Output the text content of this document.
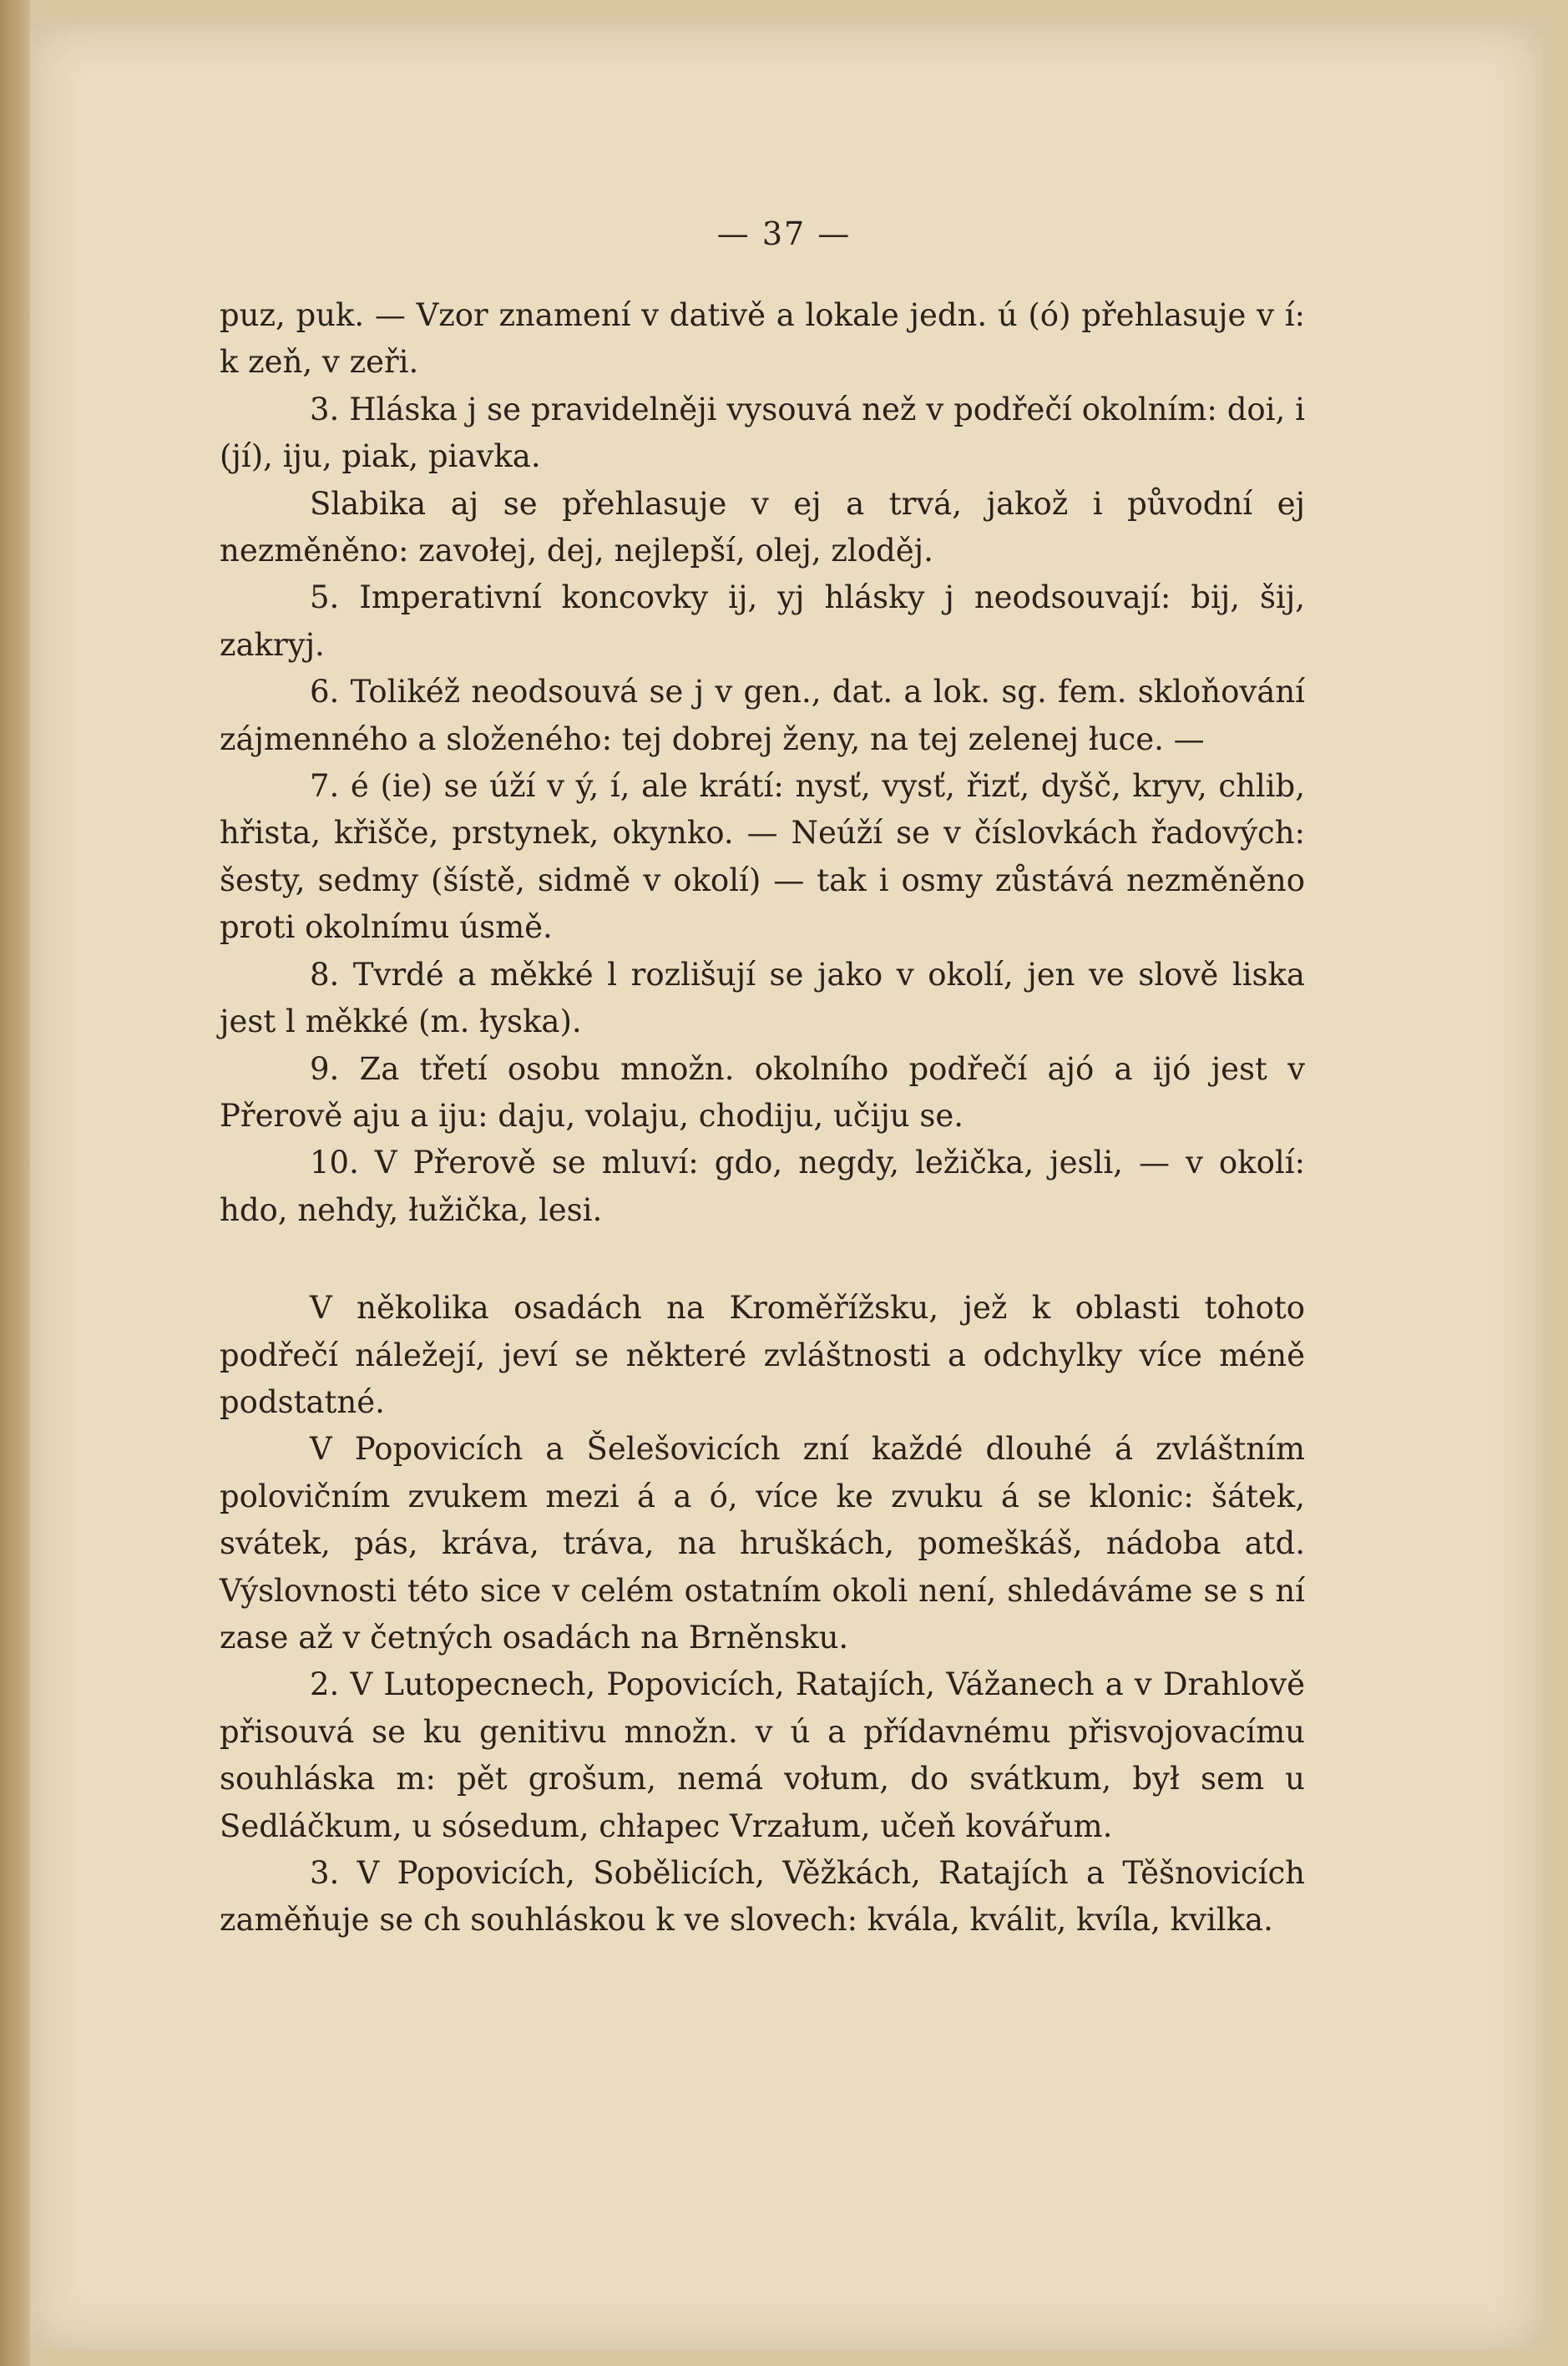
— 37 —

puz, puk. — Vzor znamení v dativě a lokale jedn. ú (ó) přehlasuje v í: k zeň, v zeři.

3. Hláska j se pravidelněji vysouvá než v podřečí okolním: doi, i (jí), iju, piak, piavka.

Slabika aj se přehlasuje v ej a trvá, jakož i původní ej nezměněno: zavołej, dej, nejlepší, olej, zloděj.

5. Imperativní koncovky ij, yj hlásky j neodsouvají: bij, šij, zakryj.

6. Tolikéž neodsouvá se j v gen., dat. a lok. sg. fem. skloňování zájmenného a složeného: tej dobrej ženy, na tej zelenej łuce. —

7. é (ie) se úží v ý, í, ale krátí: nysť, vysť, řizť, dyšč, kryv, chlib, hřista, křišče, prstynek, okynko. — Neúží se v číslovkách řadových: šesty, sedmy (šístě, sidmě v okolí) — tak i osmy zůstává nezměněno proti okolnímu úsmě.

8. Tvrdé a měkké l rozlišují se jako v okolí, jen ve slově liska jest l měkké (m. łyska).

9. Za třetí osobu množn. okolního podřečí ajó a ijó jest v Přerově aju a iju: daju, volaju, chodiju, učiju se.

10. V Přerově se mluví: gdo, negdy, ležička, jesli, — v okolí: hdo, nehdy, łužička, lesi.

V několika osadách na Kroměřížsku, jež k oblasti tohoto podřečí náležejí, jeví se některé zvláštnosti a odchylky více méně podstatné.

V Popovicích a Šelešovicích zní každé dlouhé á zvláštním polovičním zvukem mezi á a ó, více ke zvuku á se klonic: šátek, svátek, pás, kráva, tráva, na hruškách, pomeškáš, nádoba atd. Výslovnosti této sice v celém ostatním okoli není, shledáváme se s ní zase až v četných osadách na Brněnsku.

2. V Lutopecnech, Popovicích, Ratajích, Vážanech a v Drahlově přisouvá se ku genitivu množn. v ú a přídavnému přisvojovacímu souhláska m: pět grošum, nemá vołum, do svátkum, był sem u Sedláčkum, u sósedum, chłapec Vrzałum, učeň kovářum.

3. V Popovicích, Sobělicích, Věžkách, Ratajích a Těšnovicích zaměňuje se ch souhláskou k ve slovech: kvála, kválit, kvíla, kvilka.
